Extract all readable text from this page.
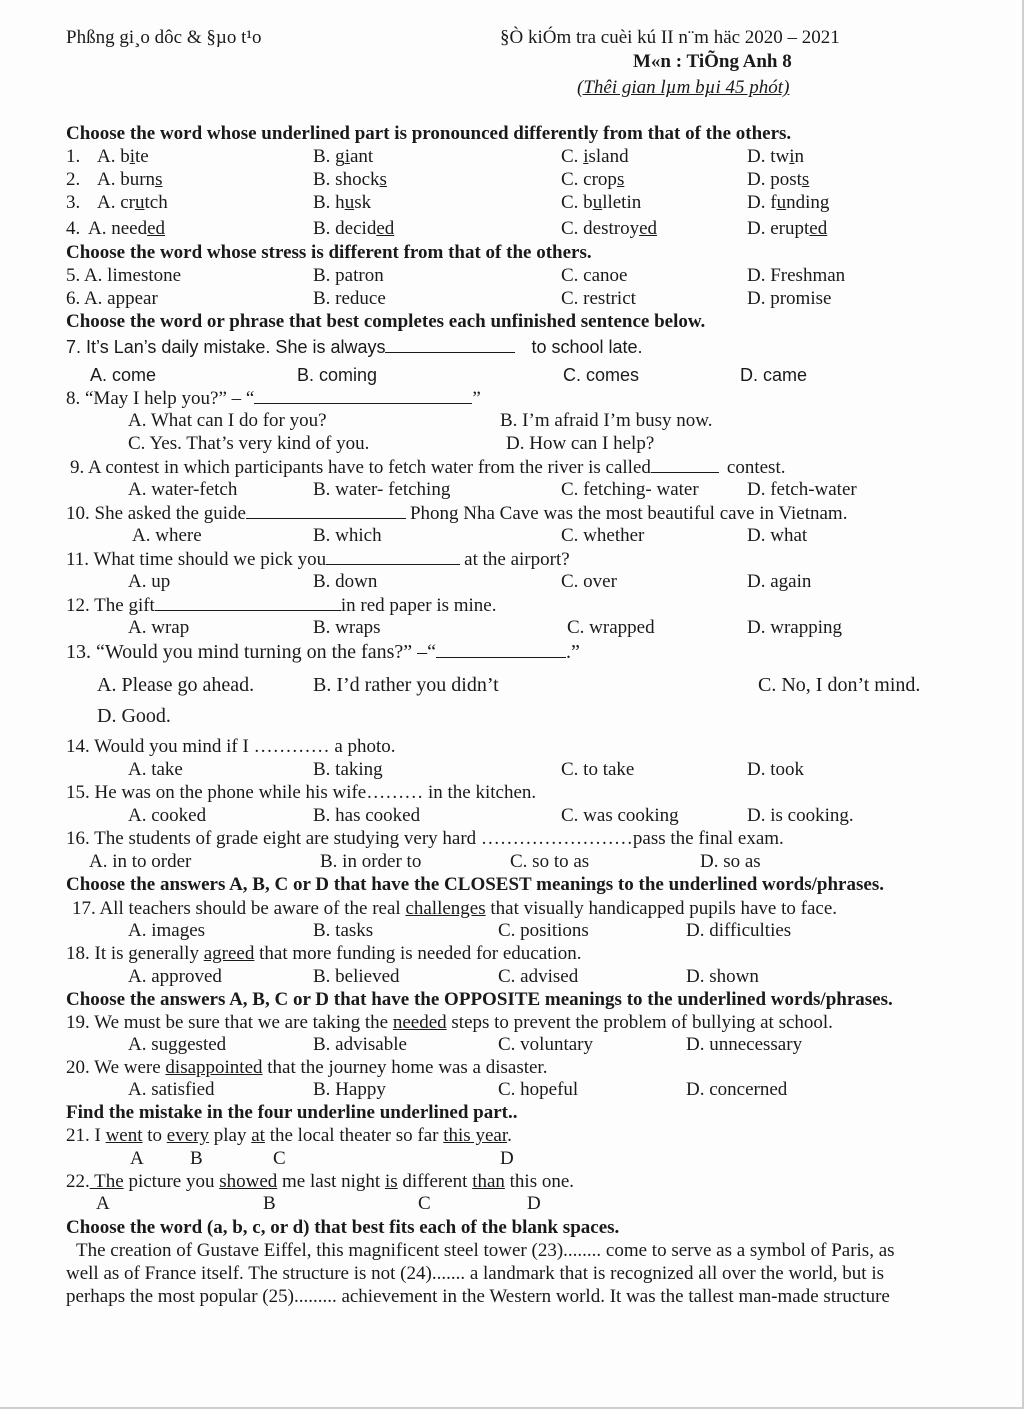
Phßng gi¸o dôc & §µo t¹o	§Ò kiÓm tra cuèi kú II n¨m häc 2020 – 2021
M«n : TiÕng Anh 8
(Thêi gian lµm bµi 45 phót)
Choose the word whose underlined part is pronounced differently from that of the others.
1. A. bite	B. giant	C. island	D. twin
2. A. burns	B. shocks	C. crops	D. posts
3. A. crutch	B. husk	C. bulletin	D. funding
4. A. needed	B. decided	C. destroyed	D. erupted
Choose the word whose stress is different from that of the others.
5. A. limestone	B. patron	C. canoe	D. Freshman
6. A. appear	B. reduce	C. restrict	D. promise
Choose the word or phrase that best completes each unfinished sentence below.
7. It’s Lan’s daily mistake. She is always	to school late.
A. come	B. coming	C. comes	D. came
8. “May I help you?” – “	”
A. What can I do for you?	B. I’m afraid I’m busy now.
C. Yes. That’s very kind of you.	D. How can I help?
9. A contest in which participants have to fetch water from the river is called	contest.
A. water-fetch	B. water- fetching	C. fetching- water	D. fetch-water
10. She asked the guide	Phong Nha Cave was the most beautiful cave in Vietnam.
A. where	B. which	C. whether	D. what
11. What time should we pick you	at the airport?
A. up	B. down	C. over	D. again
12. The gift	in red paper is mine.
A. wrap	B. wraps	C. wrapped	D. wrapping
13. “Would you mind turning on the fans?” –“	.”
A. Please go ahead.	B. I’d rather you didn’t	C. No, I don’t mind.
D. Good.
14. Would you mind if I ………… a photo.
A. take	B. taking	C. to take	D. took
15. He was on the phone while his wife……… in the kitchen.
A. cooked	B. has cooked	C. was cooking	D. is cooking.
16. The students of grade eight are studying very hard ……………………pass the final exam.
A. in to order	B. in order to	C. so to as	D. so as
Choose the answers A, B, C or D that have the CLOSEST meanings to the underlined words/phrases.
17. All teachers should be aware of the real challenges that visually handicapped pupils have to face.
A. images	B. tasks	C. positions	D. difficulties
18. It is generally agreed that more funding is needed for education.
A. approved	B. believed	C. advised	D. shown
Choose the answers A, B, C or D that have the OPPOSITE meanings to the underlined words/phrases.
19. We must be sure that we are taking the needed steps to prevent the problem of bullying at school.
A. suggested	B. advisable	C. voluntary	D. unnecessary
20. We were disappointed that the journey home was a disaster.
A. satisfied	B. Happy	C. hopeful	D. concerned
Find the mistake in the four underline underlined part..
21. I went to every play at the local theater so far this year.
A B	C	D
22. The picture you showed me last night is different than this one.
A	B	C	D
Choose the word (a, b, c, or d) that best fits each of the blank spaces.
The creation of Gustave Eiffel, this magnificent steel tower (23)........ come to serve as a symbol of Paris, as
well as of France itself. The structure is not (24)....... a landmark that is recognized all over the world, but is
perhaps the most popular (25)......... achievement in the Western world. It was the tallest man-made structure
